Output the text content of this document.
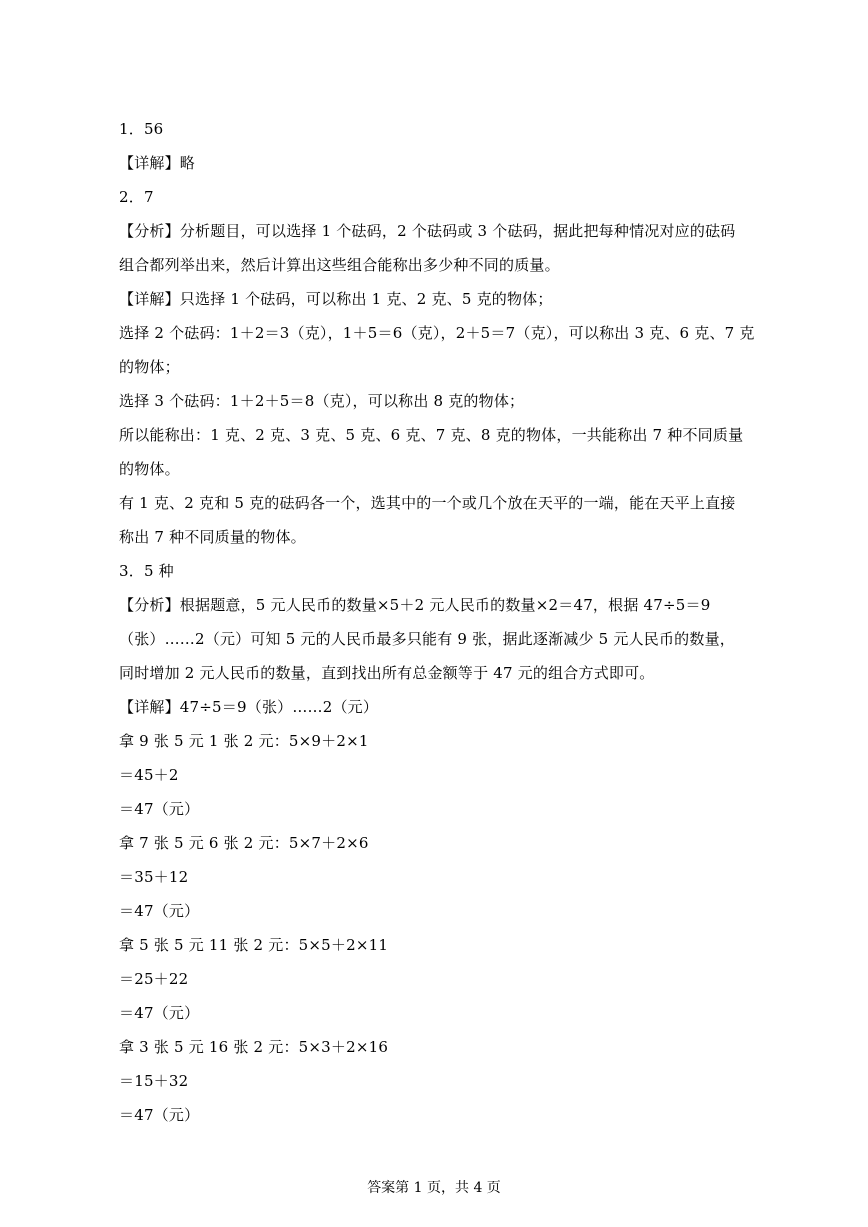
1．56
【详解】略
2．7
【分析】分析题目，可以选择 1 个砝码，2 个砝码或 3 个砝码，据此把每种情况对应的砝码
组合都列举出来，然后计算出这些组合能称出多少种不同的质量。
【详解】只选择 1 个砝码，可以称出 1 克、2 克、5 克的物体；
选择 2 个砝码：1＋2＝3（克），1＋5＝6（克），2＋5＝7（克），可以称出 3 克、6 克、7 克
的物体；
选择 3 个砝码：1＋2＋5＝8（克），可以称出 8 克的物体；
所以能称出：1 克、2 克、3 克、5 克、6 克、7 克、8 克的物体，一共能称出 7 种不同质量
的物体。
有 1 克、2 克和 5 克的砝码各一个，选其中的一个或几个放在天平的一端，能在天平上直接
称出 7 种不同质量的物体。
3．5 种
【分析】根据题意，5 元人民币的数量×5＋2 元人民币的数量×2＝47，根据 47÷5＝9
（张）……2（元）可知 5 元的人民币最多只能有 9 张，据此逐渐减少 5 元人民币的数量，
同时增加 2 元人民币的数量，直到找出所有总金额等于 47 元的组合方式即可。
【详解】47÷5＝9（张）……2（元）
拿 9 张 5 元 1 张 2 元：5×9＋2×1
＝45＋2
＝47（元）
拿 7 张 5 元 6 张 2 元：5×7＋2×6
＝35＋12
＝47（元）
拿 5 张 5 元 11 张 2 元：5×5＋2×11
＝25＋22
＝47（元）
拿 3 张 5 元 16 张 2 元：5×3＋2×16
＝15＋32
＝47（元）
答案第 1 页，共 4 页
